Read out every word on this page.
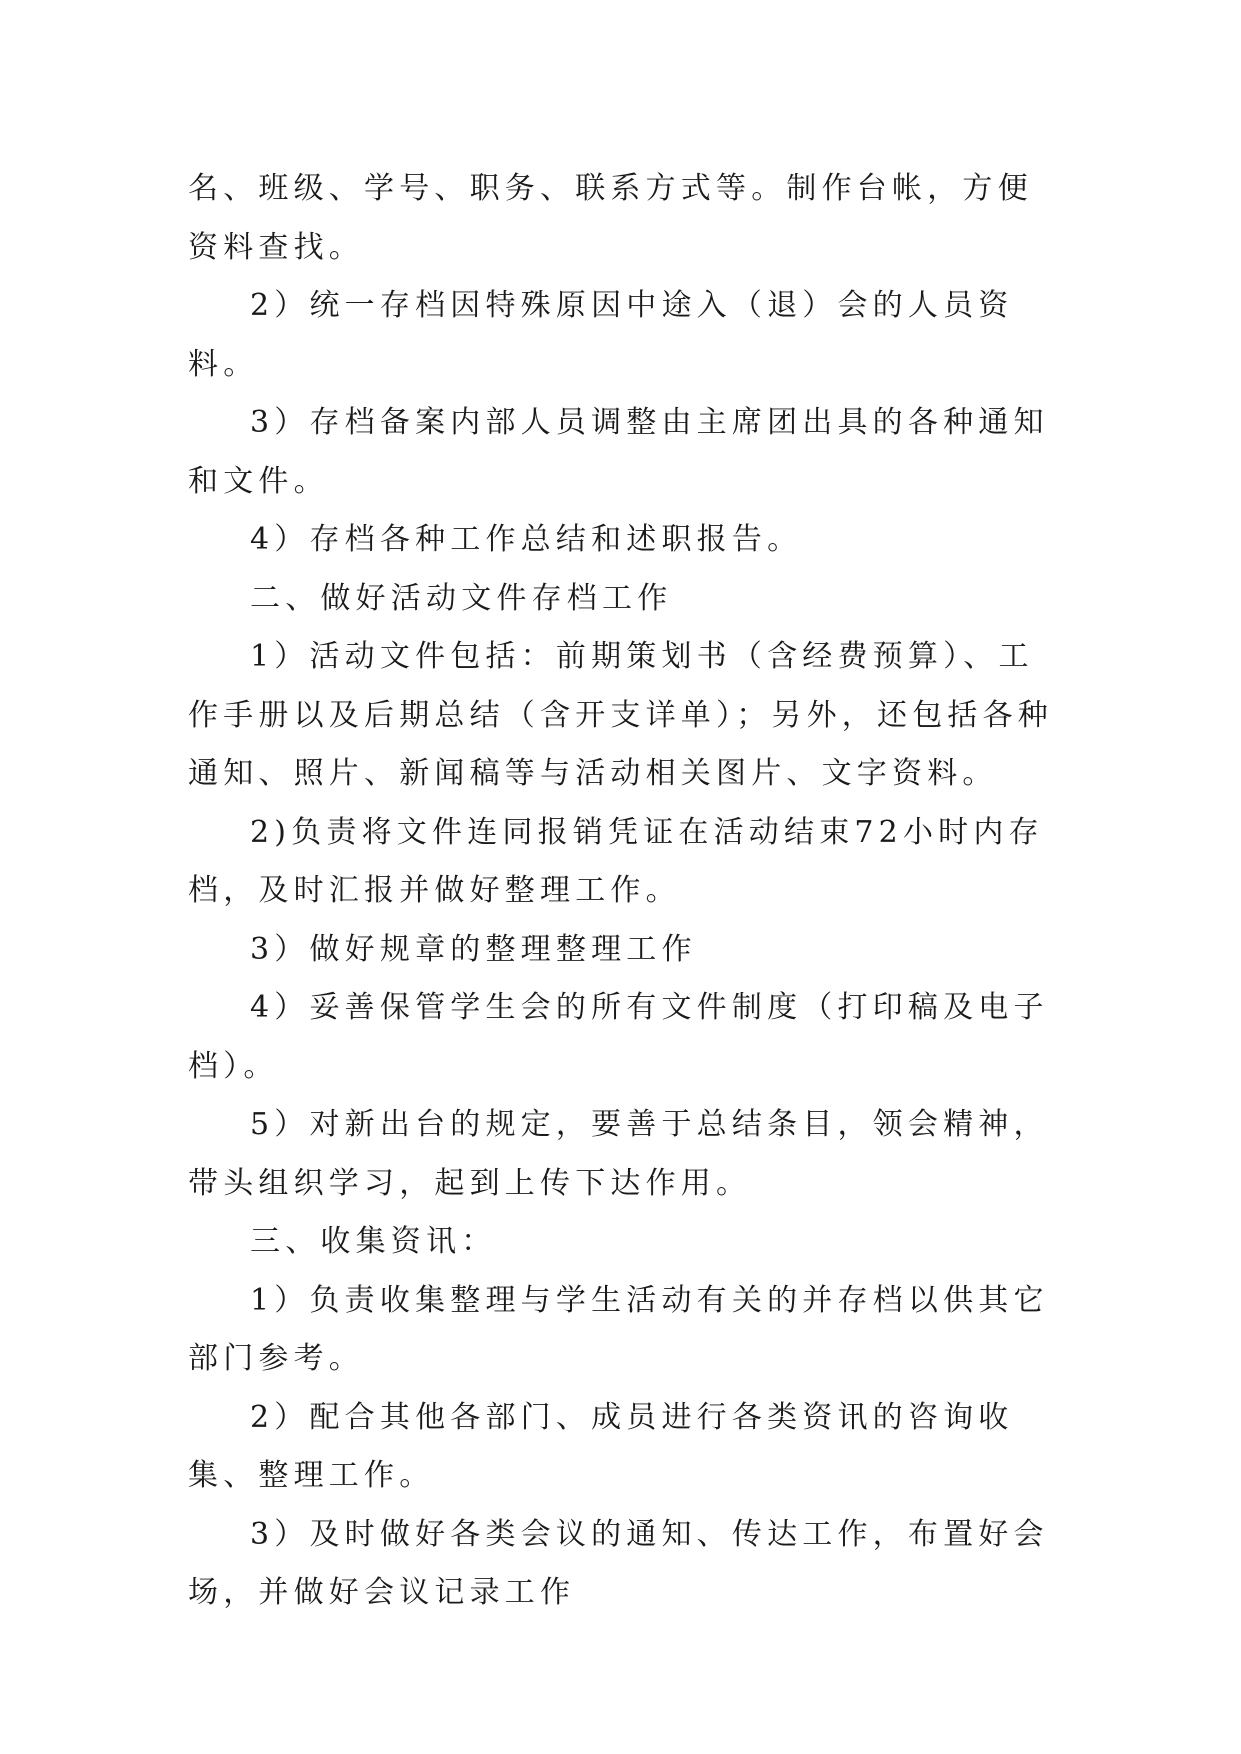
名、班级、学号、职务、联系方式等。制作台帐，方便资料查找。

2）统一存档因特殊原因中途入（退）会的人员资料。

3）存档备案内部人员调整由主席团出具的各种通知和文件。

4）存档各种工作总结和述职报告。

二、做好活动文件存档工作

1）活动文件包括：前期策划书（含经费预算）、工作手册以及后期总结（含开支详单）；另外，还包括各种通知、照片、新闻稿等与活动相关图片、文字资料。

2)负责将文件连同报销凭证在活动结束72小时内存档，及时汇报并做好整理工作。

3）做好规章的整理整理工作

4）妥善保管学生会的所有文件制度（打印稿及电子档）。

5）对新出台的规定，要善于总结条目，领会精神，带头组织学习，起到上传下达作用。

三、收集资讯：

1）负责收集整理与学生活动有关的并存档以供其它部门参考。

2）配合其他各部门、成员进行各类资讯的咨询收集、整理工作。

3）及时做好各类会议的通知、传达工作，布置好会场，并做好会议记录工作
